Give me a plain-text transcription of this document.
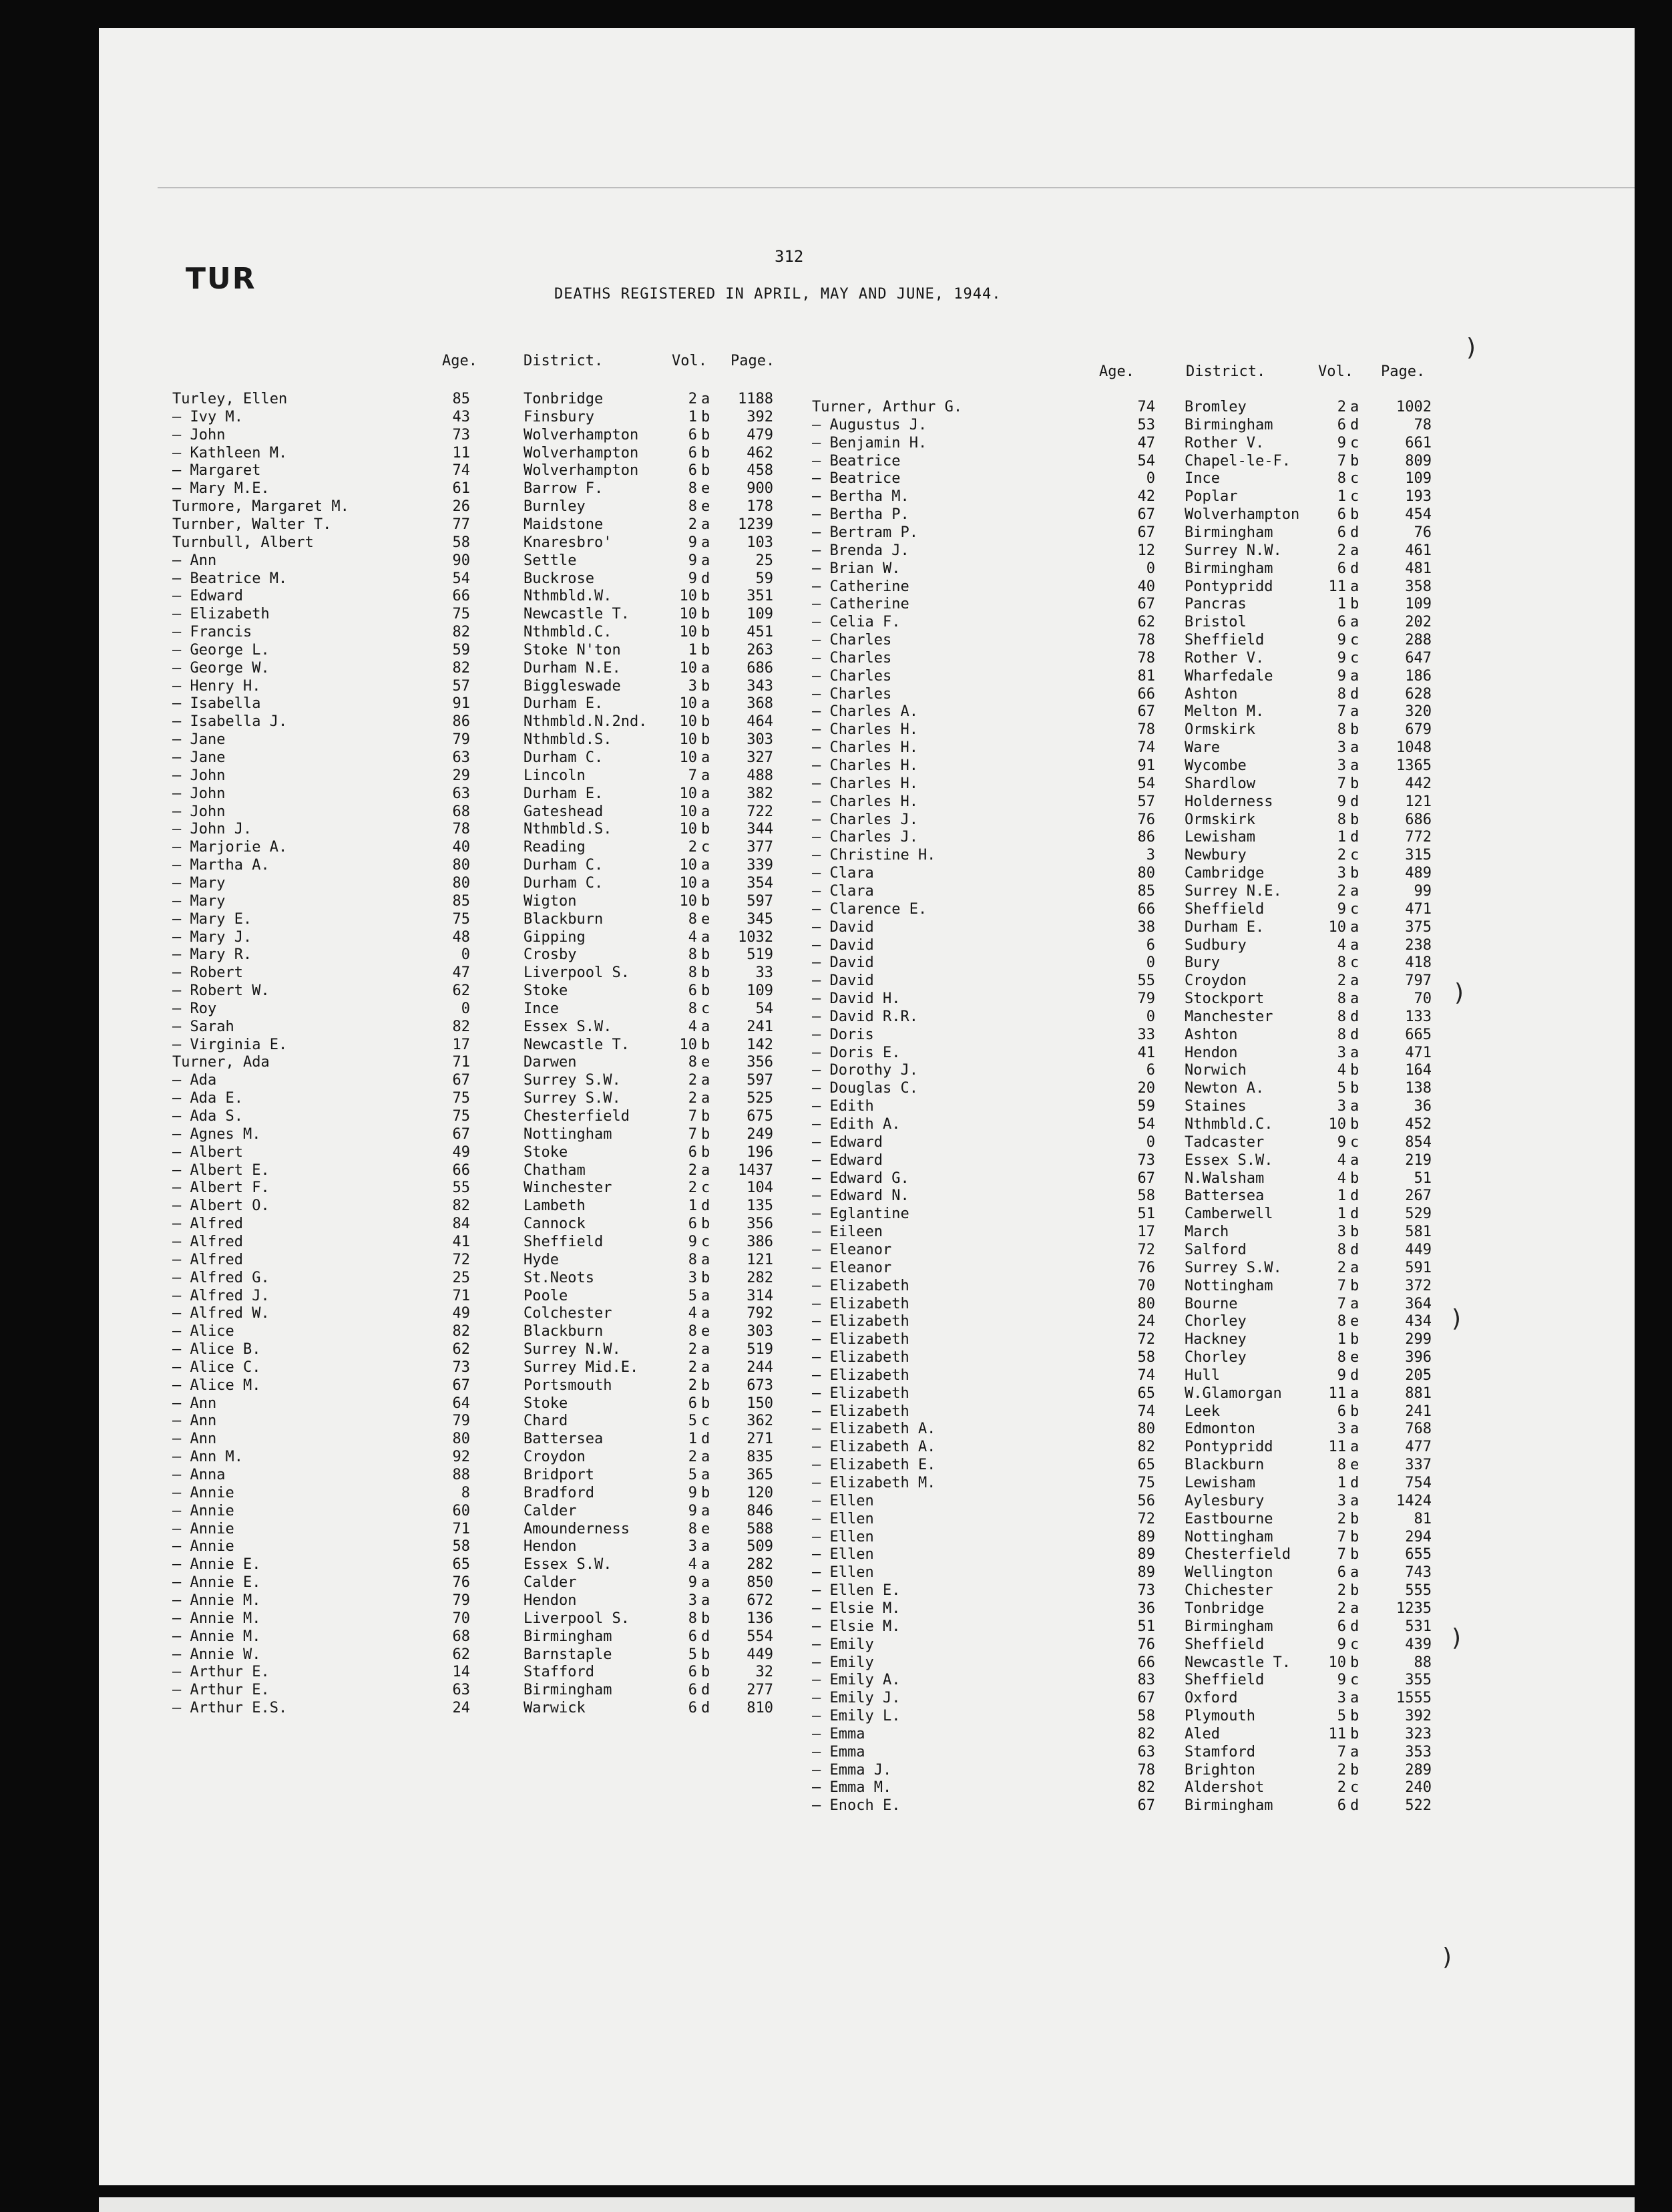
TUR
312
DEATHS REGISTERED IN APRIL, MAY AND JUNE, 1944.
Age.	District.	Vol. Page.
Age.	District.	Vol. Page.
Turley, Ellen	85	Tonbridge	2 a	1188
— Ivy M.	43	Finsbury	1 b	392
— John	73	Wolverhampton	6 b	479
— Kathleen M.	11	Wolverhampton	6 b	462
— Margaret	74	Wolverhampton	6 b	458
— Mary M.E.	61	Barrow F.	8 e	900
Turmore, Margaret M.	26	Burnley	8 e	178
Turnber, Walter T.	77	Maidstone	2 a	1239
Turnbull, Albert	58	Knaresbro'	9 a	103
— Ann	90	Settle	9 a	25
— Beatrice M.	54	Buckrose	9 d	59
— Edward	66	Nthmbld.W.	10 b	351
— Elizabeth	75	Newcastle T.	10 b	109
— Francis	82	Nthmbld.C.	10 b	451
— George L.	59	Stoke N'ton	1 b	263
— George W.	82	Durham N.E.	10 a	686
— Henry H.	57	Biggleswade	3 b	343
— Isabella	91	Durham E.	10 a	368
— Isabella J.	86	Nthmbld.N.2nd. 10 b	464
— Jane	79	Nthmbld.S.	10 b	303
— Jane	63	Durham C.	10 a	327
— John	29	Lincoln	7 a	488
— John	63	Durham E.	10 a	382
— John	68	Gateshead	10 a	722
— John J.	78	Nthmbld.S.	10 b	344
— Marjorie A.	40	Reading	2 c	377
— Martha A.	80	Durham C.	10 a	339
— Mary	80	Durham C.	10 a	354
— Mary	85	Wigton	10 b	597
— Mary E.	75	Blackburn	8 e	345
— Mary J.	48	Gipping	4 a	1032
— Mary R.	0	Crosby	8 b	519
— Robert	47	Liverpool S.	8 b	33
— Robert W.	62	Stoke	6 b	109
— Roy	0	Ince	8 c	54
— Sarah	82	Essex S.W.	4 a	241
— Virginia E.	17	Newcastle T.	10 b	142
Turner, Ada	71	Darwen	8 e	356
— Ada	67	Surrey S.W.	2 a	597
— Ada E.	75	Surrey S.W.	2 a	525
— Ada S.	75	Chesterfield	7 b	675
— Agnes M.	67	Nottingham	7 b	249
— Albert	49	Stoke	6 b	196
— Albert E.	66	Chatham	2 a	1437
— Albert F.	55	Winchester	2 c	104
— Albert O.	82	Lambeth	1 d	135
— Alfred	84	Cannock	6 b	356
— Alfred	41	Sheffield	9 c	386
— Alfred	72	Hyde	8 a	121
— Alfred G.	25	St.Neots	3 b	282
— Alfred J.	71	Poole	5 a	314
— Alfred W.	49	Colchester	4 a	792
— Alice	82	Blackburn	8 e	303
— Alice B.	62	Surrey N.W.	2 a	519
— Alice C.	73	Surrey Mid.E.	2 a	244
— Alice M.	67	Portsmouth	2 b	673
— Ann	64	Stoke	6 b	150
— Ann	79	Chard	5 c	362
— Ann	80	Battersea	1 d	271
— Ann M.	92	Croydon	2 a	835
— Anna	88	Bridport	5 a	365
— Annie	8	Bradford	9 b	120
— Annie	60	Calder	9 a	846
— Annie	71	Amounderness	8 e	588
— Annie	58	Hendon	3 a	509
— Annie E.	65	Essex S.W.	4 a	282
— Annie E.	76	Calder	9 a	850
— Annie M.	79	Hendon	3 a	672
— Annie M.	70	Liverpool S.	8 b	136
— Annie M.	68	Birmingham	6 d	554
— Annie W.	62	Barnstaple	5 b	449
— Arthur E.	14	Stafford	6 b	32
— Arthur E.	63	Birmingham	6 d	277
— Arthur E.S.	24	Warwick	6 d	810
Turner, Arthur G.	74 Bromley	2 a	1002
— Augustus J.	53 Birmingham	6 d	78
— Benjamin H.	47 Rother V.	9 c	661
— Beatrice	54 Chapel-le-F.	7 b	809
— Beatrice	0 Ince	8 c	109
— Bertha M.	42 Poplar	1 c	193
— Bertha P.	67 Wolverhampton	6 b	454
— Bertram P.	67 Birmingham	6 d	76
— Brenda J.	12 Surrey N.W.	2 a	461
— Brian W.	0 Birmingham	6 d	481
— Catherine	40 Pontypridd	11 a	358
— Catherine	67 Pancras	1 b	109
— Celia F.	62 Bristol	6 a	202
— Charles	78 Sheffield	9 c	288
— Charles	78 Rother V.	9 c	647
— Charles	81 Wharfedale	9 a	186
— Charles	66 Ashton	8 d	628
— Charles A.	67 Melton M.	7 a	320
— Charles H.	78 Ormskirk	8 b	679
— Charles H.	74 Ware	3 a	1048
— Charles H.	91 Wycombe	3 a	1365
— Charles H.	54 Shardlow	7 b	442
— Charles H.	57 Holderness	9 d	121
— Charles J.	76 Ormskirk	8 b	686
— Charles J.	86 Lewisham	1 d	772
— Christine H.	3 Newbury	2 c	315
— Clara	80 Cambridge	3 b	489
— Clara	85 Surrey N.E.	2 a	99
— Clarence E.	66 Sheffield	9 c	471
— David	38 Durham E.	10 a	375
— David	6 Sudbury	4 a	238
— David	0 Bury	8 c	418
— David	55 Croydon	2 a	797
— David H.	79 Stockport	8 a	70
— David R.R.	0 Manchester	8 d	133
— Doris	33 Ashton	8 d	665
— Doris E.	41 Hendon	3 a	471
— Dorothy J.	6 Norwich	4 b	164
— Douglas C.	20 Newton A.	5 b	138
— Edith	59 Staines	3 a	36
— Edith A.	54 Nthmbld.C.	10 b	452
— Edward	0 Tadcaster	9 c	854
— Edward	73 Essex S.W.	4 a	219
— Edward G.	67 N.Walsham	4 b	51
— Edward N.	58 Battersea	1 d	267
— Eglantine	51 Camberwell	1 d	529
— Eileen	17 March	3 b	581
— Eleanor	72 Salford	8 d	449
— Eleanor	76 Surrey S.W.	2 a	591
— Elizabeth	70 Nottingham	7 b	372
— Elizabeth	80 Bourne	7 a	364
— Elizabeth	24 Chorley	8 e	434
— Elizabeth	72 Hackney	1 b	299
— Elizabeth	58 Chorley	8 e	396
— Elizabeth	74 Hull	9 d	205
— Elizabeth	65 W.Glamorgan	11 a	881
— Elizabeth	74 Leek	6 b	241
— Elizabeth A.	80 Edmonton	3 a	768
— Elizabeth A.	82 Pontypridd	11 a	477
— Elizabeth E.	65 Blackburn	8 e	337
— Elizabeth M.	75 Lewisham	1 d	754
— Ellen	56 Aylesbury	3 a	1424
— Ellen	72 Eastbourne	2 b	81
— Ellen	89 Nottingham	7 b	294
— Ellen	89 Chesterfield	7 b	655
— Ellen	89 Wellington	6 a	743
— Ellen E.	73 Chichester	2 b	555
— Elsie M.	36 Tonbridge	2 a	1235
— Elsie M.	51 Birmingham	6 d	531
— Emily	76 Sheffield	9 c	439
— Emily	66 Newcastle T.	10 b	88
— Emily A.	83 Sheffield	9 c	355
— Emily J.	67 Oxford	3 a	1555
— Emily L.	58 Plymouth	5 b	392
— Emma	82 Aled	11 b	323
— Emma	63 Stamford	7 a	353
— Emma J.	78 Brighton	2 b	289
— Emma M.	82 Aldershot	2 c	240
— Enoch E.	67 Birmingham	6 d	522
)
)
)
)
)
